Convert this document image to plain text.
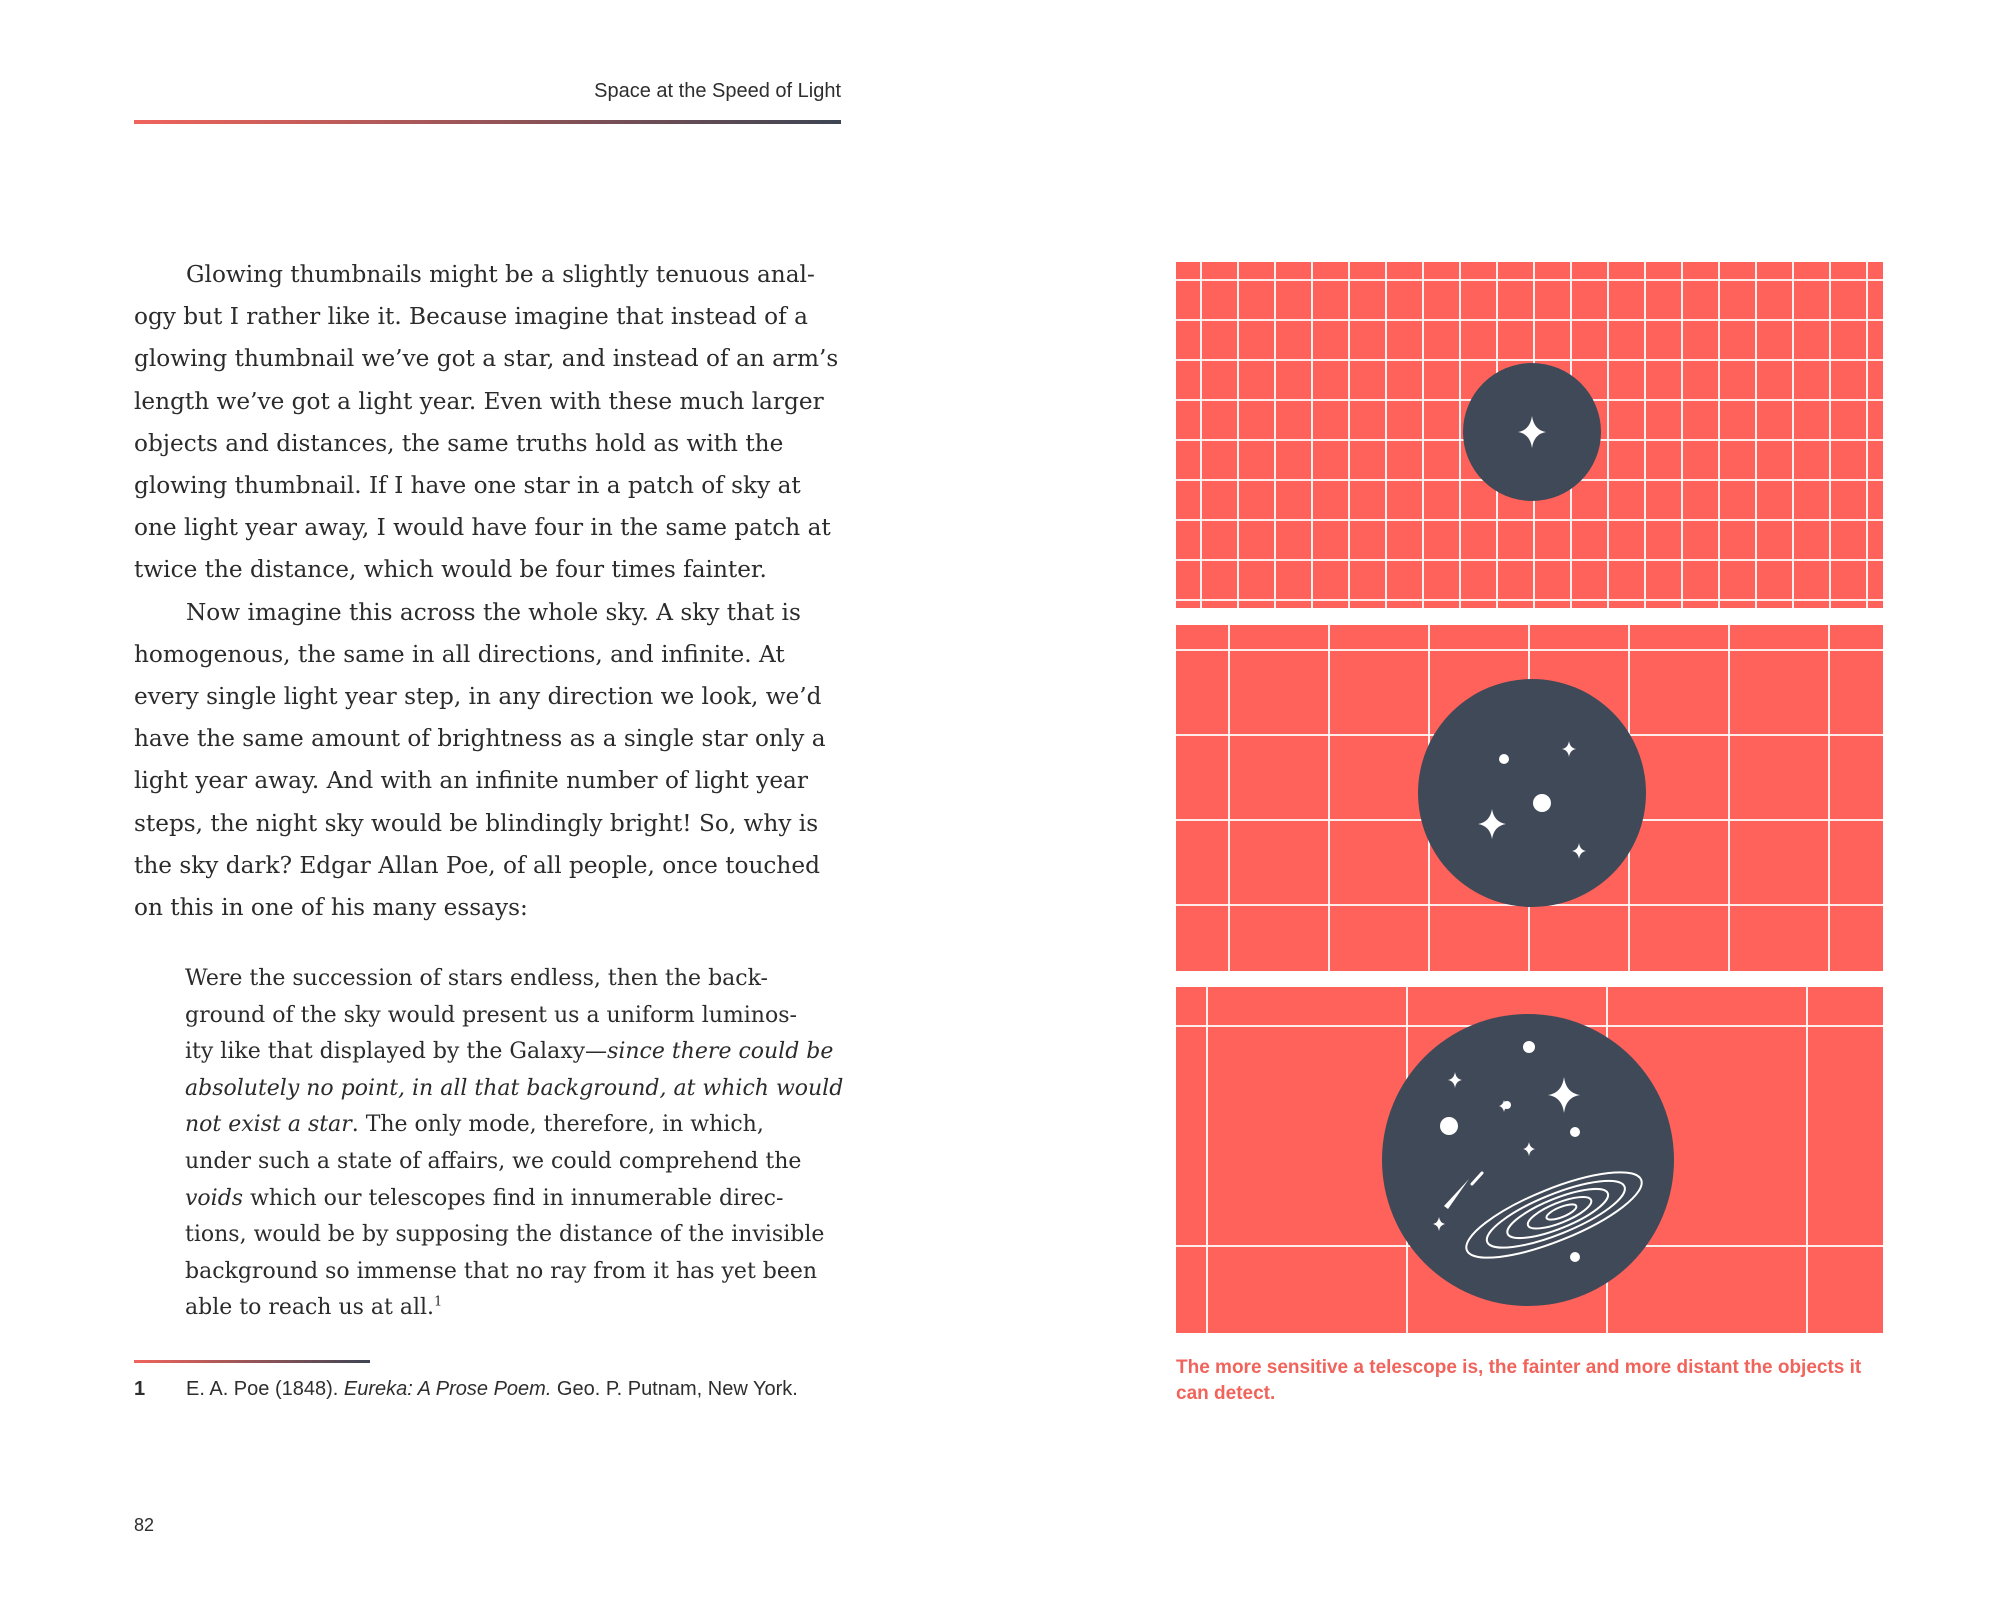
Space at the Speed of Light

Glowing thumbnails might be a slightly tenuous anal-

ogy but I rather like it. Because imagine that instead of a
glowing thumbnail we’ve got a star, and instead of an arm’s
length we’ve got a light year. Even with these much larger
objects and distances, the same truths hold as with the
glowing thumbnail. If I have one star in a patch of sky at
one light year away, I would have four in the same patch at
twice the distance, which would be four times fainter.

Now imagine this across the whole sky. A sky that is

homogenous, the same in all directions, and infinite. At
every single light year step, in any direction we look, we’d
have the same amount of brightness as a single star only a
light year away. And with an infinite number of light year
steps, the night sky would be blindingly bright! So, why is
the sky dark? Edgar Allan Poe, of all people, once touched
on this in one of his many essays:

Were the succession of stars endless, then the back-
ground of the sky would present us a uniform luminos-
ity like that displayed by the Galaxy—since there could be
absolutely no point, in all that background, at which would
not exist a star. The only mode, therefore, in which,
under such a state of affairs, we could comprehend the
voids which our telescopes find in innumerable direc-
tions, would be by supposing the distance of the invisible
background so immense that no ray from it has yet been
able to reach us at all.$^1$
1 E. A. Poe (1848). Eureka: A Prose Poem. Geo. P. Putnam, New York.
82
The more sensitive a telescope is, the fainter and more distant the objects it can detect.
